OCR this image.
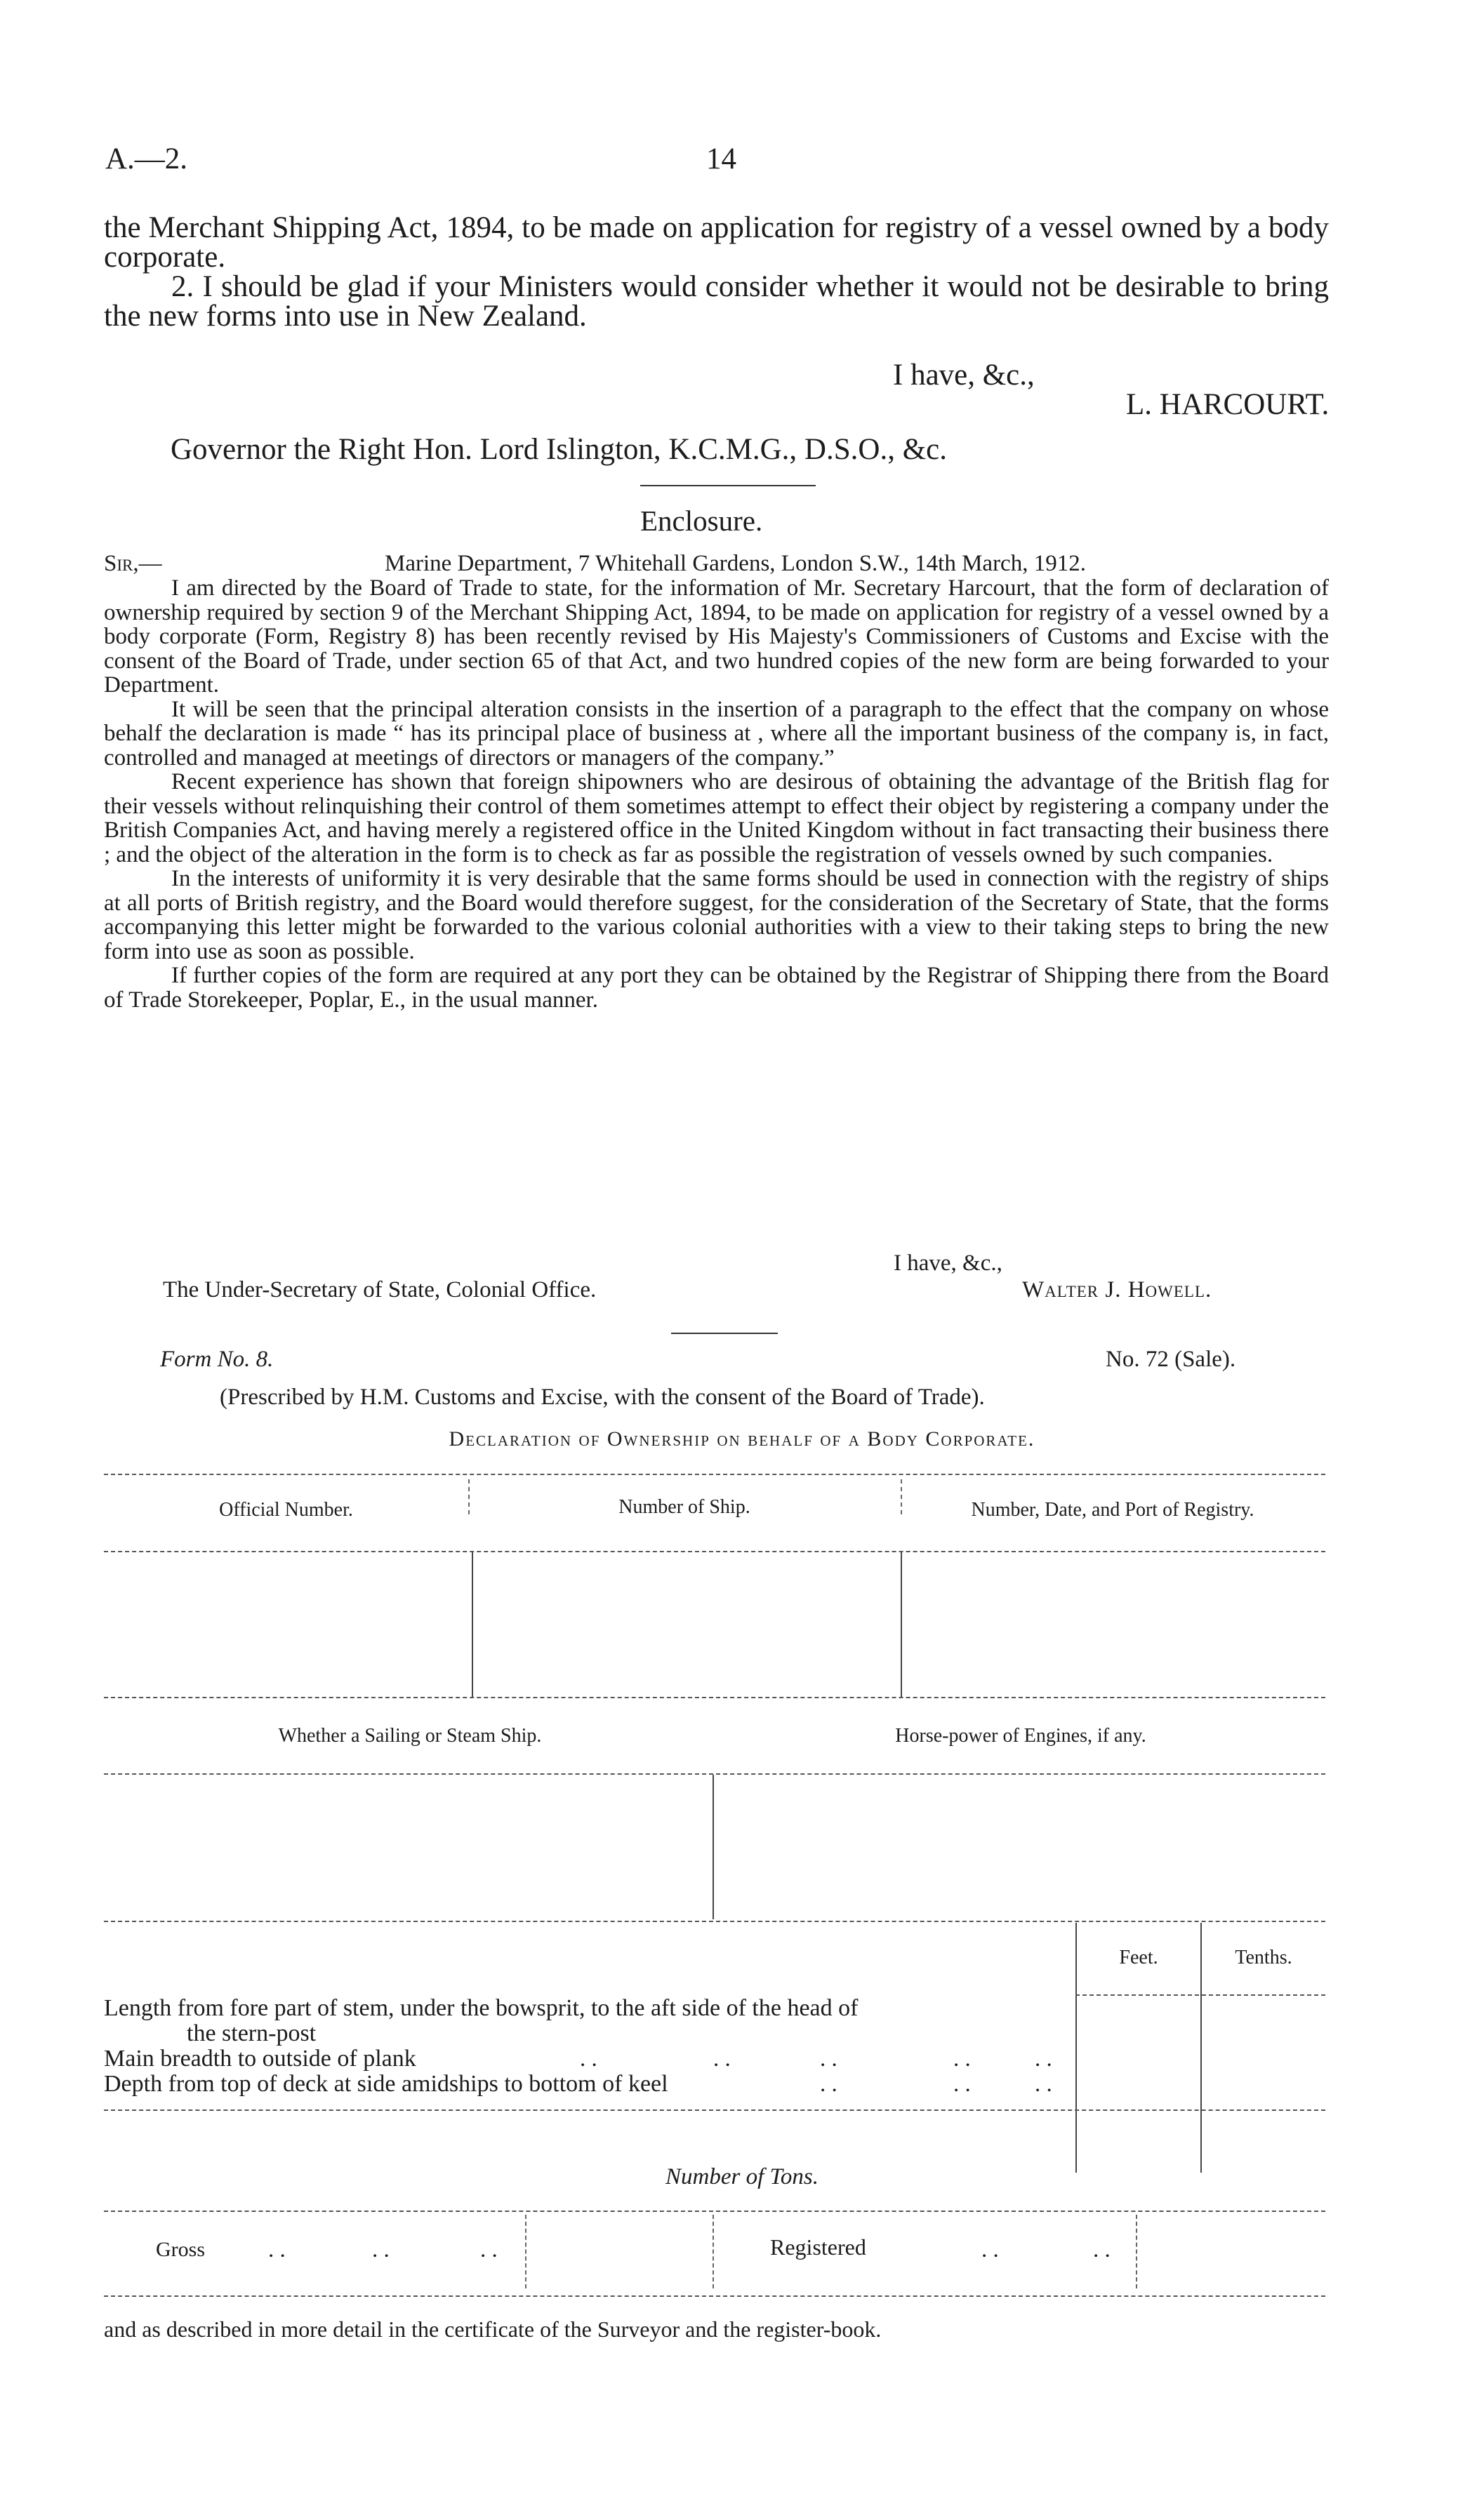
A.—2.	14

the Merchant Shipping Act, 1894, to be made on application for registry of a vessel owned by a body corporate.

2. I should be glad if your Ministers would consider whether it would not be desirable to bring the new forms into use in New Zealand.

I have, &c.,
L. HARCOURT.
Governor the Right Hon. Lord Islington, K.C.M.G., D.S.O., &c.
Enclosure.
Sir,—	Marine Department, 7 Whitehall Gardens, London S.W., 14th March, 1912.

I am directed by the Board of Trade to state, for the information of Mr. Secretary Harcourt, that the form of declaration of ownership required by section 9 of the Merchant Shipping Act, 1894, to be made on application for registry of a vessel owned by a body corporate (Form, Registry 8) has been recently revised by His Majesty's Commissioners of Customs and Excise with the consent of the Board of Trade, under section 65 of that Act, and two hundred copies of the new form are being forwarded to your Department.

It will be seen that the principal alteration consists in the insertion of a paragraph to the effect that the company on whose behalf the declaration is made “ has its principal place of business at , where all the important business of the company is, in fact, controlled and managed at meetings of directors or managers of the company.”

Recent experience has shown that foreign shipowners who are desirous of obtaining the advantage of the British flag for their vessels without relinquishing their control of them sometimes attempt to effect their object by registering a company under the British Companies Act, and having merely a registered office in the United Kingdom without in fact transacting their business there ; and the object of the alteration in the form is to check as far as possible the registration of vessels owned by such companies.

In the interests of uniformity it is very desirable that the same forms should be used in connection with the registry of ships at all ports of British registry, and the Board would therefore suggest, for the consideration of the Secretary of State, that the forms accompanying this letter might be forwarded to the various colonial authorities with a view to their taking steps to bring the new form into use as soon as possible.

If further copies of the form are required at any port they can be obtained by the Registrar of Shipping there from the Board of Trade Storekeeper, Poplar, E., in the usual manner.

I have, &c.,
The Under-Secretary of State, Colonial Office.	Walter J. Howell.
Form No. 8.	No. 72 (Sale).
(Prescribed by H.M. Customs and Excise, with the consent of the Board of Trade).
Declaration of Ownership on behalf of a Body Corporate.
Official Number.	Number of Ship.	Number, Date, and Port of Registry.
Whether a Sailing or Steam Ship.	Horse-power of Engines, if any.
Feet.	Tenths.
Length from fore part of stem, under the bowsprit, to the aft side of the head of
the stern-post
Main breadth to outside of plank	. .	. .	. .	. .	. .
Depth from top of deck at side amidships to bottom of keel	. .	. .	. .
Number of Tons.
Gross	. .	. .	. .	Registered	. .	. .
and as described in more detail in the certificate of the Surveyor and the register-book.
